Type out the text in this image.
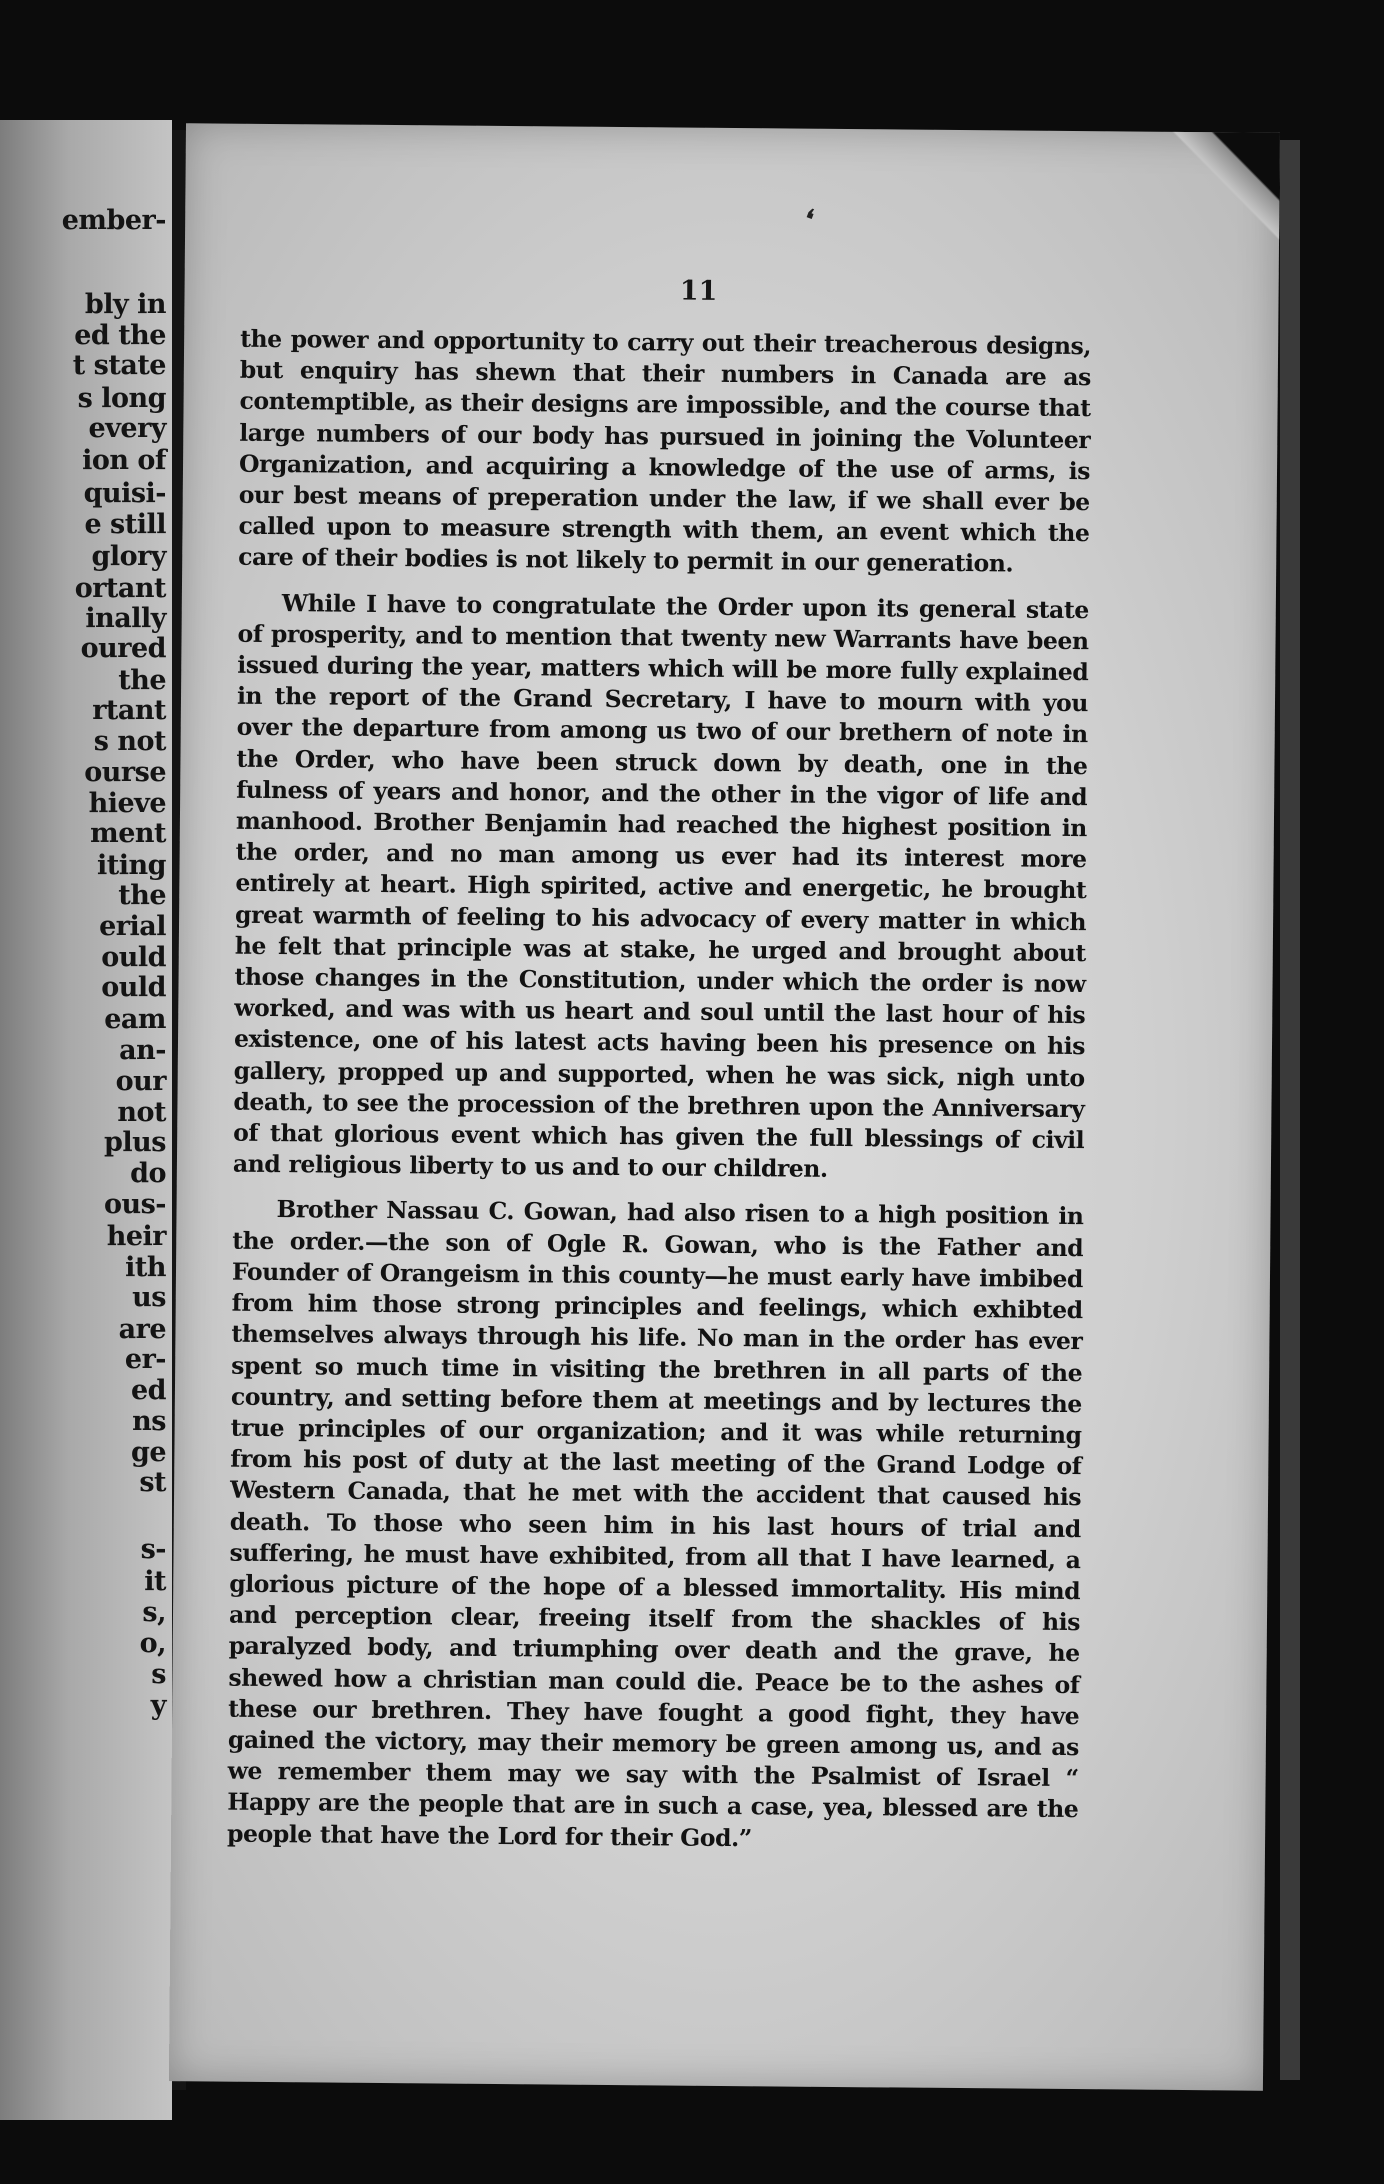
ember-
bly in
ed the
t state
s long
every
ion of
quisi-
e still
glory
ortant
inally
oured
the
rtant
s not
ourse
hieve
ment
iting
the
erial
ould
ould
eam
an-
our
not
plus
do
ous-
heir
ith
us
are
er-
ed
ns
ge
st
s-
it
s,
o,
s
y
❛
11

the power and opportunity to carry out their treacherous designs, but enquiry has shewn that their numbers in Canada are as contemptible, as their designs are impossible, and the course that large numbers of our body has pursued in joining the Volunteer Organization, and acquiring a knowledge of the use of arms, is our best means of preperation under the law, if we shall ever be called upon to measure strength with them, an event which the care of their bodies is not likely to permit in our generation.

While I have to congratulate the Order upon its general state of prosperity, and to mention that twenty new Warrants have been issued during the year, matters which will be more fully explained in the report of the Grand Secretary, I have to mourn with you over the departure from among us two of our brethern of note in the Order, who have been struck down by death, one in the fulness of years and honor, and the other in the vigor of life and manhood. Brother Benjamin had reached the highest position in the order, and no man among us ever had its interest more entirely at heart. High spirited, active and energetic, he brought great warmth of feeling to his advocacy of every matter in which he felt that principle was at stake, he urged and brought about those changes in the Constitution, under which the order is now worked, and was with us heart and soul until the last hour of his existence, one of his latest acts having been his presence on his gallery, propped up and supported, when he was sick, nigh unto death, to see the procession of the brethren upon the Anniversary of that glorious event which has given the full blessings of civil and religious liberty to us and to our children.

Brother Nassau C. Gowan, had also risen to a high position in the order.—the son of Ogle R. Gowan, who is the Father and Founder of Orangeism in this county—he must early have imbibed from him those strong principles and feelings, which exhibted themselves always through his life. No man in the order has ever spent so much time in visiting the brethren in all parts of the country, and setting before them at meetings and by lectures the true principles of our organization; and it was while returning from his post of duty at the last meeting of the Grand Lodge of Western Canada, that he met with the accident that caused his death. To those who seen him in his last hours of trial and suffering, he must have exhibited, from all that I have learned, a glorious picture of the hope of a blessed immortality. His mind and perception clear, freeing itself from the shackles of his paralyzed body, and triumphing over death and the grave, he shewed how a christian man could die. Peace be to the ashes of these our brethren. They have fought a good fight, they have gained the victory, may their memory be green among us, and as we remember them may we say with the Psalmist of Israel “ Happy are the people that are in such a case, yea, blessed are the people that have the Lord for their God.”
